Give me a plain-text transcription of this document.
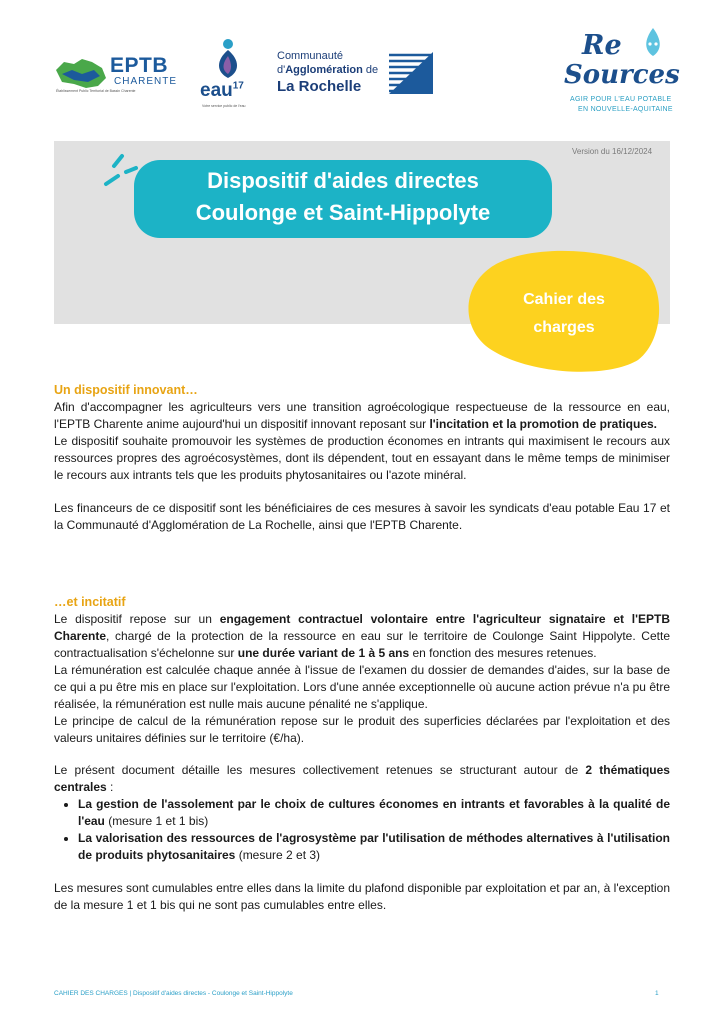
EPTB
CHARENTE
Établissement Public Territorial de Bassin Charente	eau$^{17}$
Votre service public de l'eau
Communauté
d'Agglomération de
La Rochelle
Re
Sources
AGIR POUR L'EAU POTABLE
EN NOUVELLE-AQUITAINE
Version du 16/12/2024
Dispositif d'aides directes
Coulonge et Saint-Hippolyte
Cahier des
charges

Un dispositif innovant…

Afin d'accompagner les agriculteurs vers une transition agroécologique respectueuse de la ressource en eau, l'EPTB Charente anime aujourd'hui un dispositif innovant reposant sur l'incitation et la promotion de pratiques.

Le dispositif souhaite promouvoir les systèmes de production économes en intrants qui maximisent le recours aux ressources propres des agroécosystèmes, dont ils dépendent, tout en essayant dans le même temps de minimiser le recours aux intrants tels que les produits phytosanitaires ou l'azote minéral.

Les financeurs de ce dispositif sont les bénéficiaires de ces mesures à savoir les syndicats d'eau potable Eau 17 et la Communauté d'Agglomération de La Rochelle, ainsi que l'EPTB Charente.

…et incitatif

Le dispositif repose sur un engagement contractuel volontaire entre l'agriculteur signataire et l'EPTB Charente, chargé de la protection de la ressource en eau sur le territoire de Coulonge Saint Hippolyte. Cette contractualisation s'échelonne sur une durée variant de 1 à 5 ans en fonction des mesures retenues.

La rémunération est calculée chaque année à l'issue de l'examen du dossier de demandes d'aides, sur la base de ce qui a pu être mis en place sur l'exploitation. Lors d'une année exceptionnelle où aucune action prévue n'a pu être réalisée, la rémunération est nulle mais aucune pénalité ne s'applique.

Le principe de calcul de la rémunération repose sur le produit des superficies déclarées par l'exploitation et des valeurs unitaires définies sur le territoire (€/ha).

Le présent document détaille les mesures collectivement retenues se structurant autour de 2 thématiques centrales :

• La gestion de l'assolement par le choix de cultures économes en intrants et favorables à la qualité de l'eau (mesure 1 et 1 bis)
• La valorisation des ressources de l'agrosystème par l'utilisation de méthodes alternatives à l'utilisation de produits phytosanitaires (mesure 2 et 3)

Les mesures sont cumulables entre elles dans la limite du plafond disponible par exploitation et par an, à l'exception de la mesure 1 et 1 bis qui ne sont pas cumulables entre elles.

CAHIER DES CHARGES | Dispositif d'aides directes - Coulonge et Saint-Hippolyte	1
